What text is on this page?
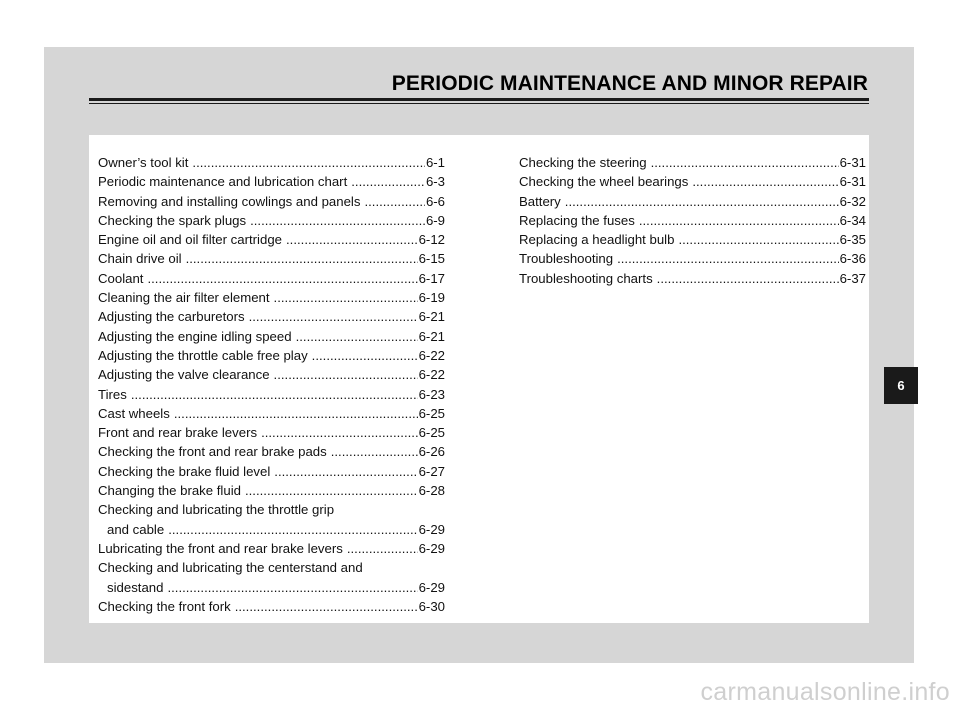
PERIODIC MAINTENANCE AND MINOR REPAIR
Owner’s tool kit .....	6-1
Periodic maintenance and lubrication chart .....	6-3
Removing and installing cowlings and panels .....	6-6
Checking the spark plugs .....	6-9
Engine oil and oil filter cartridge .....	6-12
Chain drive oil .....	6-15
Coolant .....	6-17
Cleaning the air filter element .....	6-19
Adjusting the carburetors .....	6-21
Adjusting the engine idling speed .....	6-21
Adjusting the throttle cable free play .....	6-22
Adjusting the valve clearance .....	6-22
Tires .....	6-23
Cast wheels .....	6-25
Front and rear brake levers .....	6-25
Checking the front and rear brake pads .....	6-26
Checking the brake fluid level .....	6-27
Changing the brake fluid .....	6-28
Checking and lubricating the throttle grip
and cable .....	6-29
Lubricating the front and rear brake levers .....	6-29
Checking and lubricating the centerstand and
sidestand .....	6-29
Checking the front fork .....	6-30
Checking the steering .....	6-31
Checking the wheel bearings .....	6-31
Battery .....	6-32
Replacing the fuses .....	6-34
Replacing a headlight bulb .....	6-35
Troubleshooting .....	6-36
Troubleshooting charts .....	6-37
6
carmanualsonline.info
